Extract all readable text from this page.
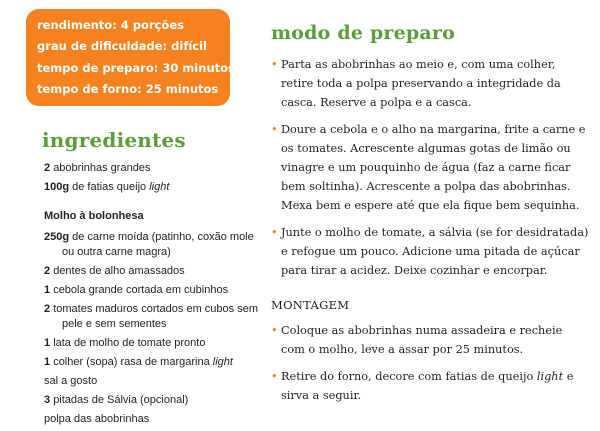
rendimento: 4 porções
grau de dificuldade: difícil
tempo de preparo: 30 minutos
tempo de forno: 25 minutos
ingredientes
2 abobrinhas grandes
100g de fatias queijo light
Molho à bolonhesa
250g de carne moída (patinho, coxão mole ou outra carne magra)
2 dentes de alho amassados
1 cebola grande cortada em cubinhos
2 tomates maduros cortados em cubos sem pele e sem sementes
1 lata de molho de tomate pronto
1 colher (sopa) rasa de margarina light
sal a gosto
3 pitadas de Sálvia (opcional)
polpa das abobrinhas
modo de preparo
• Parta as abobrinhas ao meio e, com uma colher, retire toda a polpa preservando a integridade da casca. Reserve a polpa e a casca.
• Doure a cebola e o alho na margarina, frite a carne e os tomates. Acrescente algumas gotas de limão ou vinagre e um pouquinho de água (faz a carne ficar bem soltinha). Acrescente a polpa das abobrinhas. Mexa bem e espere até que ela fique bem sequinha.
• Junte o molho de tomate, a sálvia (se for desidratada) e refogue um pouco. Adicione uma pitada de açúcar para tirar a acidez. Deixe cozinhar e encorpar.
MONTAGEM
• Coloque as abobrinhas numa assadeira e recheie com o molho, leve a assar por 25 minutos.
• Retire do forno, decore com fatias de queijo light e sirva a seguir.
